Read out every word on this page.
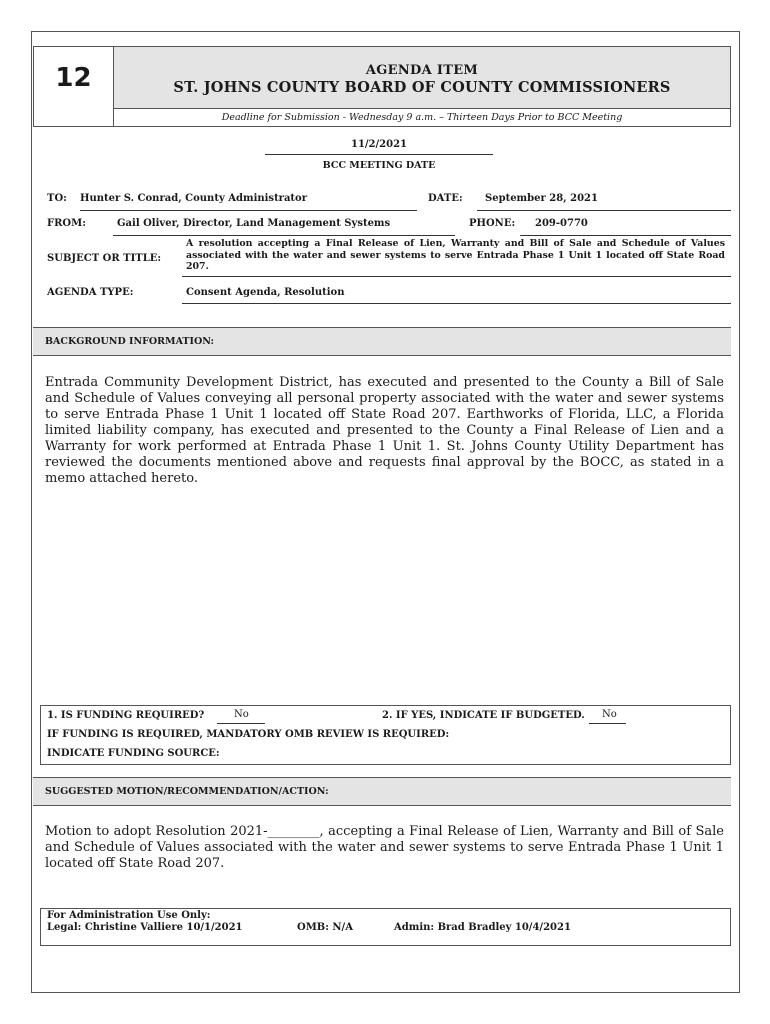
12	AGENDA ITEM
ST. JOHNS COUNTY BOARD OF COUNTY COMMISSIONERS
Deadline for Submission - Wednesday 9 a.m. – Thirteen Days Prior to BCC Meeting
11/2/2021
BCC MEETING DATE
TO: Hunter S. Conrad, County Administrator	DATE: September 28, 2021
FROM:	Gail Oliver, Director, Land Management Systems	PHONE: 209-0770
SUBJECT OR TITLE:
A resolution accepting a Final Release of Lien, Warranty and Bill of Sale and Schedule of Values associated with the water and sewer systems to serve Entrada Phase 1 Unit 1 located off State Road 207.
AGENDA TYPE:	Consent Agenda, Resolution
BACKGROUND INFORMATION:
Entrada Community Development District, has executed and presented to the County a Bill of Sale and Schedule of Values conveying all personal property associated with the water and sewer systems to serve Entrada Phase 1 Unit 1 located off State Road 207. Earthworks of Florida, LLC, a Florida limited liability company, has executed and presented to the County a Final Release of Lien and a Warranty for work performed at Entrada Phase 1 Unit 1. St. Johns County Utility Department has reviewed the documents mentioned above and requests final approval by the BOCC, as stated in a memo attached hereto.
1. IS FUNDING REQUIRED?	No	2. IF YES, INDICATE IF BUDGETED. No
IF FUNDING IS REQUIRED, MANDATORY OMB REVIEW IS REQUIRED:
INDICATE FUNDING SOURCE:
SUGGESTED MOTION/RECOMMENDATION/ACTION:
Motion to adopt Resolution 2021-________, accepting a Final Release of Lien, Warranty and Bill of Sale and Schedule of Values associated with the water and sewer systems to serve Entrada Phase 1 Unit 1 located off State Road 207.
For Administration Use Only:
Legal: Christine Valliere 10/1/2021	OMB: N/A	Admin: Brad Bradley 10/4/2021
